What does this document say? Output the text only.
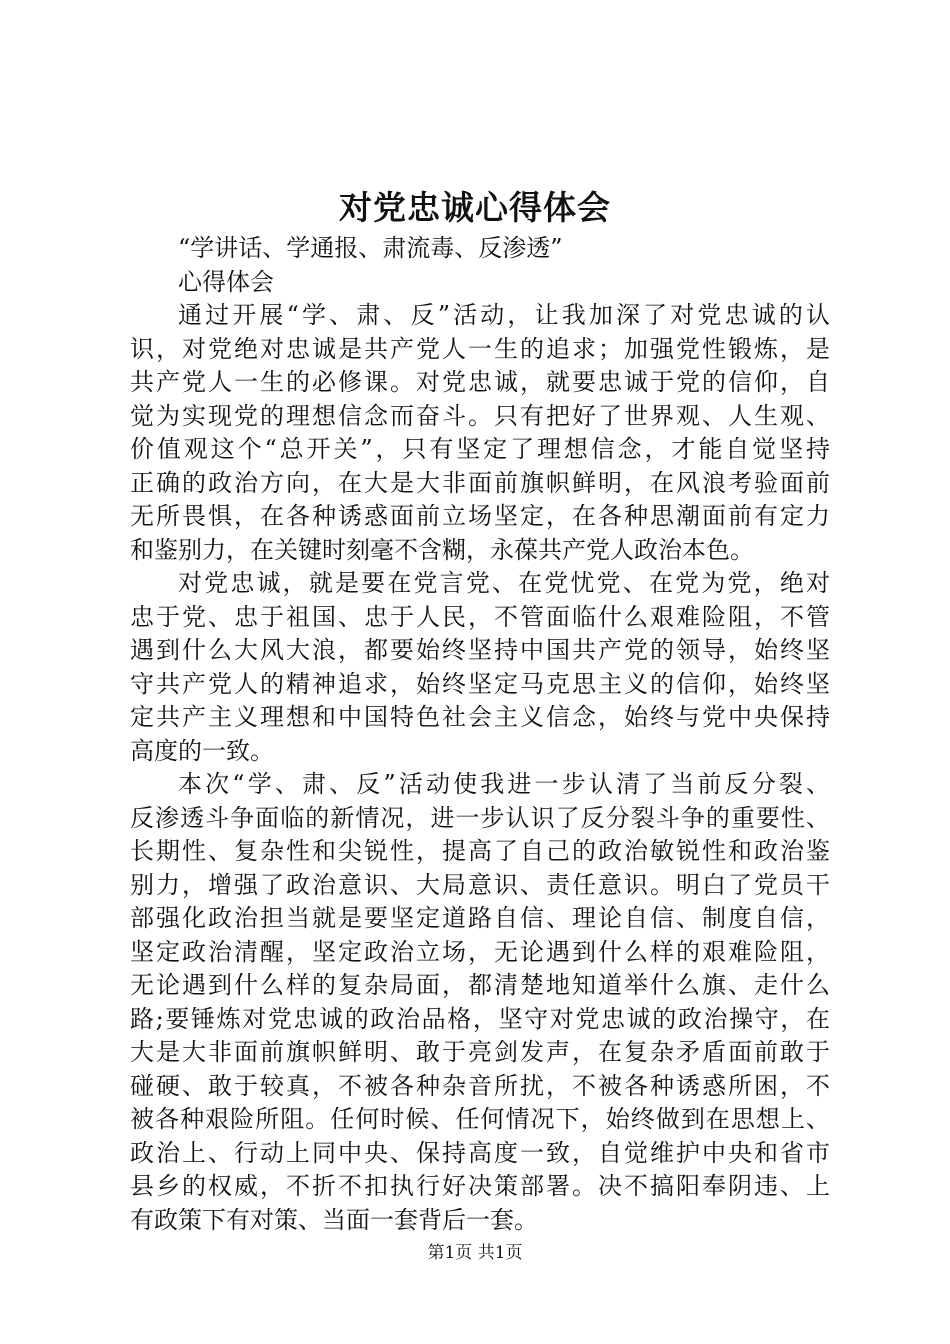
对党忠诚心得体会
“学讲话、学通报、肃流毒、反渗透”
心得体会
通过开展“学、肃、反”活动，让我加深了对党忠诚的认
识，对党绝对忠诚是共产党人一生的追求；加强党性锻炼，是
共产党人一生的必修课。对党忠诚，就要忠诚于党的信仰，自
觉为实现党的理想信念而奋斗。只有把好了世界观、人生观、
价值观这个“总开关”，只有坚定了理想信念，才能自觉坚持
正确的政治方向，在大是大非面前旗帜鲜明，在风浪考验面前
无所畏惧，在各种诱惑面前立场坚定，在各种思潮面前有定力
和鉴别力，在关键时刻毫不含糊，永葆共产党人政治本色。
对党忠诚，就是要在党言党、在党忧党、在党为党，绝对
忠于党、忠于祖国、忠于人民，不管面临什么艰难险阻，不管
遇到什么大风大浪，都要始终坚持中国共产党的领导，始终坚
守共产党人的精神追求，始终坚定马克思主义的信仰，始终坚
定共产主义理想和中国特色社会主义信念，始终与党中央保持
高度的一致。
本次“学、肃、反”活动使我进一步认清了当前反分裂、
反渗透斗争面临的新情况，进一步认识了反分裂斗争的重要性、
长期性、复杂性和尖锐性，提高了自己的政治敏锐性和政治鉴
别力，增强了政治意识、大局意识、责任意识。明白了党员干
部强化政治担当就是要坚定道路自信、理论自信、制度自信，
坚定政治清醒，坚定政治立场，无论遇到什么样的艰难险阻，
无论遇到什么样的复杂局面，都清楚地知道举什么旗、走什么
路;要锤炼对党忠诚的政治品格，坚守对党忠诚的政治操守，在
大是大非面前旗帜鲜明、敢于亮剑发声，在复杂矛盾面前敢于
碰硬、敢于较真，不被各种杂音所扰，不被各种诱惑所困，不
被各种艰险所阻。任何时候、任何情况下，始终做到在思想上、
政治上、行动上同中央、保持高度一致，自觉维护中央和省市
县乡的权威，不折不扣执行好决策部署。决不搞阳奉阴违、上
有政策下有对策、当面一套背后一套。
第1页 共1页
